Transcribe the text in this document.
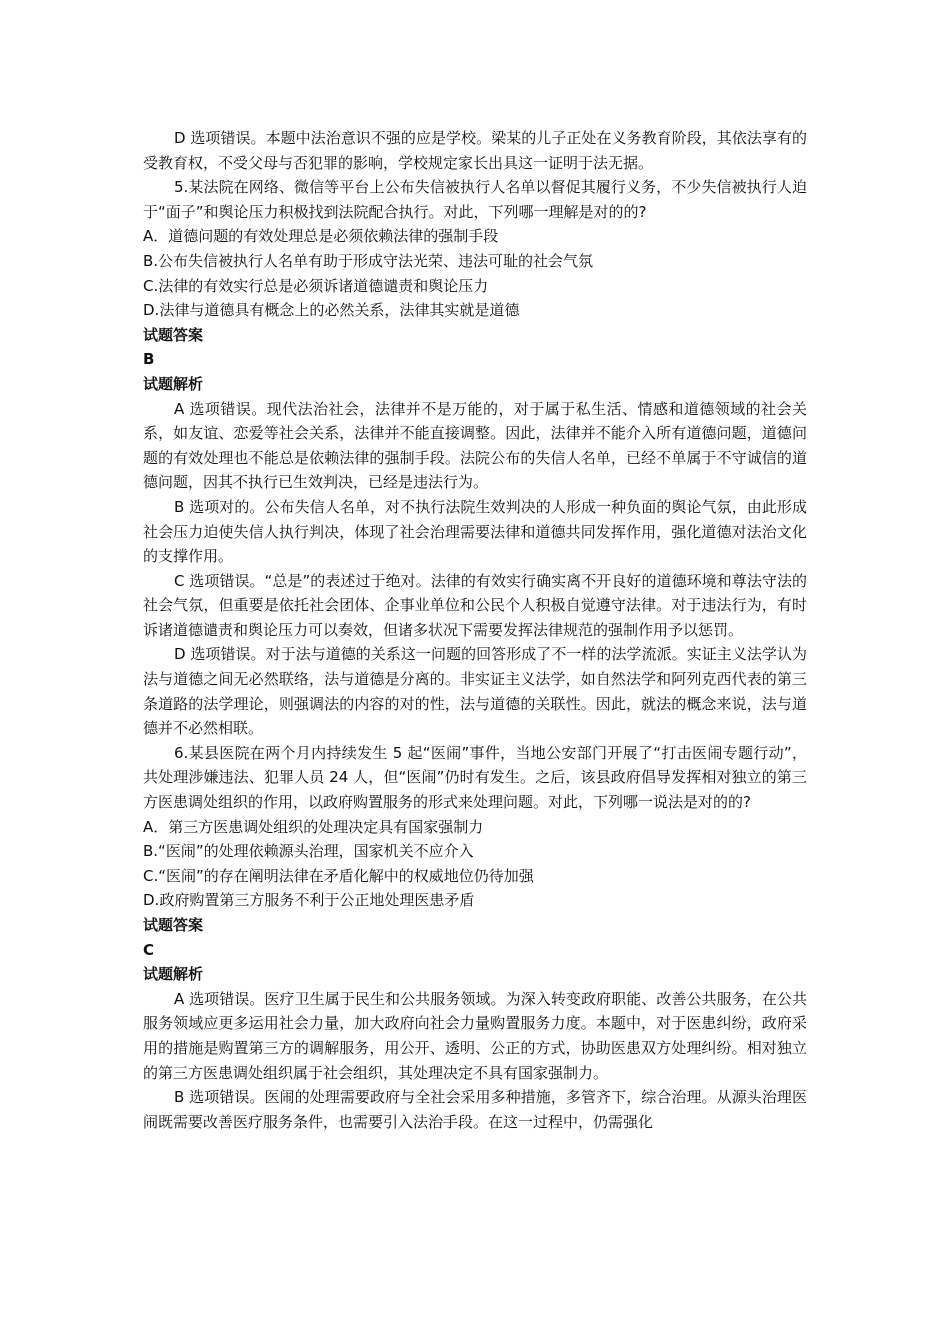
D 选项错误。本题中法治意识不强的应是学校。梁某的儿子正处在义务教育阶段，其依法享有的受教育权，不受父母与否犯罪的影响，学校规定家长出具这一证明于法无据。

5.某法院在网络、微信等平台上公布失信被执行人名单以督促其履行义务，不少失信被执行人迫于“面子”和舆论压力积极找到法院配合执行。对此，下列哪一理解是对的的?

A．道德问题的有效处理总是必须依赖法律的强制手段

B.公布失信被执行人名单有助于形成守法光荣、违法可耻的社会气氛

C.法律的有效实行总是必须诉诸道德谴责和舆论压力

D.法律与道德具有概念上的必然关系，法律其实就是道德

试题答案

B

试题解析

A 选项错误。现代法治社会，法律并不是万能的，对于属于私生活、情感和道德领域的社会关系，如友谊、恋爱等社会关系，法律并不能直接调整。因此，法律并不能介入所有道德问题，道德问题的有效处理也不能总是依赖法律的强制手段。法院公布的失信人名单，已经不单属于不守诚信的道德问题，因其不执行已生效判决，已经是违法行为。

B 选项对的。公布失信人名单，对不执行法院生效判决的人形成一种负面的舆论气氛，由此形成社会压力迫使失信人执行判决，体现了社会治理需要法律和道德共同发挥作用，强化道德对法治文化的支撑作用。

C 选项错误。“总是”的表述过于绝对。法律的有效实行确实离不开良好的道德环境和尊法守法的社会气氛，但重要是依托社会团体、企事业单位和公民个人积极自觉遵守法律。对于违法行为，有时诉诸道德谴责和舆论压力可以奏效，但诸多状况下需要发挥法律规范的强制作用予以惩罚。

D 选项错误。对于法与道德的关系这一问题的回答形成了不一样的法学流派。实证主义法学认为法与道德之间无必然联络，法与道德是分离的。非实证主义法学，如自然法学和阿列克西代表的第三条道路的法学理论，则强调法的内容的对的性，法与道德的关联性。因此，就法的概念来说，法与道德并不必然相联。

6.某县医院在两个月内持续发生 5 起“医闹”事件，当地公安部门开展了“打击医闹专题行动”，共处理涉嫌违法、犯罪人员 24 人，但“医闹”仍时有发生。之后，该县政府倡导发挥相对独立的第三方医患调处组织的作用，以政府购置服务的形式来处理问题。对此，下列哪一说法是对的的?

A．第三方医患调处组织的处理决定具有国家强制力

B.“医闹”的处理依赖源头治理，国家机关不应介入

C.“医闹”的存在阐明法律在矛盾化解中的权威地位仍待加强

D.政府购置第三方服务不利于公正地处理医患矛盾

试题答案

C

试题解析

A 选项错误。医疗卫生属于民生和公共服务领域。为深入转变政府职能、改善公共服务，在公共服务领域应更多运用社会力量，加大政府向社会力量购置服务力度。本题中，对于医患纠纷，政府采用的措施是购置第三方的调解服务，用公开、透明、公正的方式，协助医患双方处理纠纷。相对独立的第三方医患调处组织属于社会组织，其处理决定不具有国家强制力。

B 选项错误。医闹的处理需要政府与全社会采用多种措施，多管齐下，综合治理。从源头治理医闹既需要改善医疗服务条件，也需要引入法治手段。在这一过程中，仍需强化
